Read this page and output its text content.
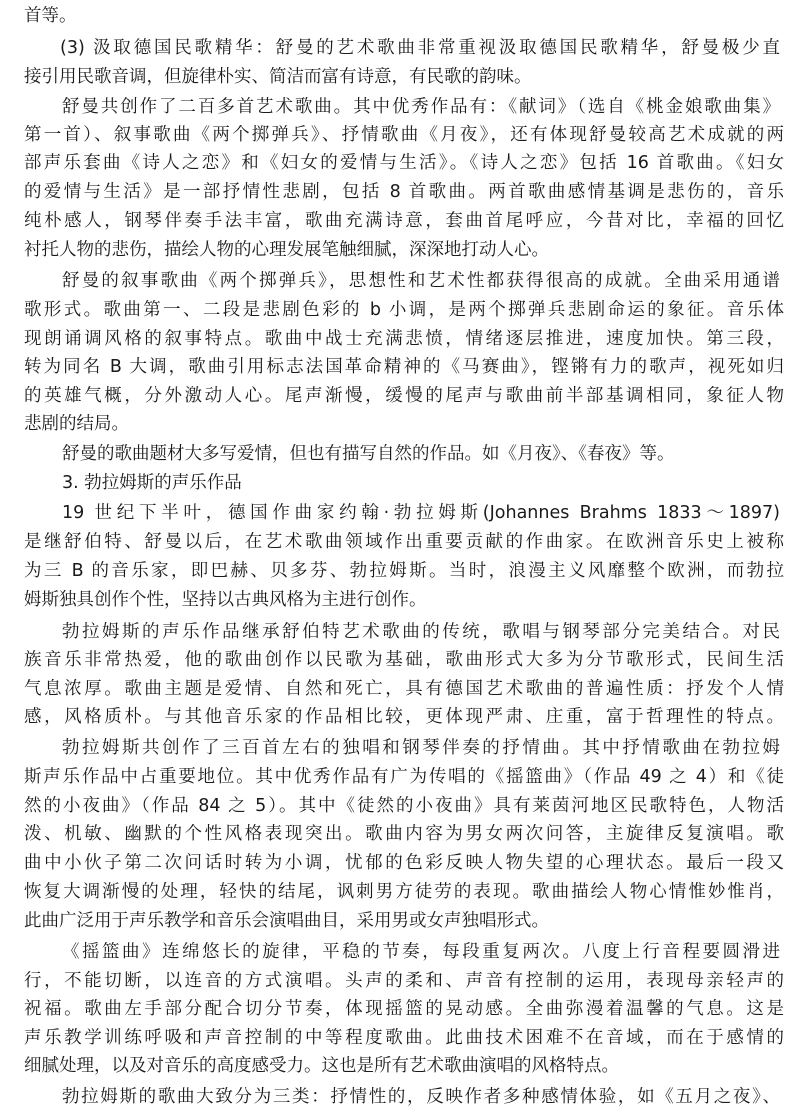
首等。

(3) 汲取德国民歌精华：舒曼的艺术歌曲非常重视汲取德国民歌精华，舒曼极少直

接引用民歌音调，但旋律朴实、简洁而富有诗意，有民歌的韵味。

舒曼共创作了二百多首艺术歌曲。其中优秀作品有：《献词》（选自《桃金娘歌曲集》

第一首）、叙事歌曲《两个掷弹兵》、抒情歌曲《月夜》，还有体现舒曼较高艺术成就的两

部声乐套曲《诗人之恋》和《妇女的爱情与生活》。《诗人之恋》包括 16 首歌曲。《妇女

的爱情与生活》是一部抒情性悲剧，包括 8 首歌曲。两首歌曲感情基调是悲伤的，音乐

纯朴感人，钢琴伴奏手法丰富，歌曲充满诗意，套曲首尾呼应，今昔对比，幸福的回忆

衬托人物的悲伤，描绘人物的心理发展笔触细腻，深深地打动人心。

舒曼的叙事歌曲《两个掷弹兵》，思想性和艺术性都获得很高的成就。全曲采用通谱

歌形式。歌曲第一、二段是悲剧色彩的 b 小调，是两个掷弹兵悲剧命运的象征。音乐体

现朗诵调风格的叙事特点。歌曲中战士充满悲愤，情绪逐层推进，速度加快。第三段，

转为同名 B 大调，歌曲引用标志法国革命精神的《马赛曲》，铿锵有力的歌声，视死如归

的英雄气概，分外激动人心。尾声渐慢，缓慢的尾声与歌曲前半部基调相同，象征人物

悲剧的结局。

舒曼的歌曲题材大多写爱情，但也有描写自然的作品。如《月夜》、《春夜》等。

3. 勃拉姆斯的声乐作品

19 世纪下半叶，德国作曲家约翰·勃拉姆斯(Johannes Brahms 1833～1897)

是继舒伯特、舒曼以后，在艺术歌曲领域作出重要贡献的作曲家。在欧洲音乐史上被称

为三 B 的音乐家，即巴赫、贝多芬、勃拉姆斯。当时，浪漫主义风靡整个欧洲，而勃拉

姆斯独具创作个性，坚持以古典风格为主进行创作。

勃拉姆斯的声乐作品继承舒伯特艺术歌曲的传统，歌唱与钢琴部分完美结合。对民

族音乐非常热爱，他的歌曲创作以民歌为基础，歌曲形式大多为分节歌形式，民间生活

气息浓厚。歌曲主题是爱情、自然和死亡，具有德国艺术歌曲的普遍性质：抒发个人情

感，风格质朴。与其他音乐家的作品相比较，更体现严肃、庄重，富于哲理性的特点。

勃拉姆斯共创作了三百首左右的独唱和钢琴伴奏的抒情曲。其中抒情歌曲在勃拉姆

斯声乐作品中占重要地位。其中优秀作品有广为传唱的《摇篮曲》（作品 49 之 4）和《徒

然的小夜曲》（作品 84 之 5）。其中《徒然的小夜曲》具有莱茵河地区民歌特色，人物活

泼、机敏、幽默的个性风格表现突出。歌曲内容为男女两次问答，主旋律反复演唱。歌

曲中小伙子第二次问话时转为小调，忧郁的色彩反映人物失望的心理状态。最后一段又

恢复大调渐慢的处理，轻快的结尾，讽刺男方徒劳的表现。歌曲描绘人物心情惟妙惟肖，

此曲广泛用于声乐教学和音乐会演唱曲目，采用男或女声独唱形式。

《摇篮曲》连绵悠长的旋律，平稳的节奏，每段重复两次。八度上行音程要圆滑进

行，不能切断，以连音的方式演唱。头声的柔和、声音有控制的运用，表现母亲轻声的

祝福。歌曲左手部分配合切分节奏，体现摇篮的晃动感。全曲弥漫着温馨的气息。这是

声乐教学训练呼吸和声音控制的中等程度歌曲。此曲技术困难不在音域，而在于感情的

细腻处理，以及对音乐的高度感受力。这也是所有艺术歌曲演唱的风格特点。

勃拉姆斯的歌曲大致分为三类：抒情性的，反映作者多种感情体验，如《五月之夜》、
